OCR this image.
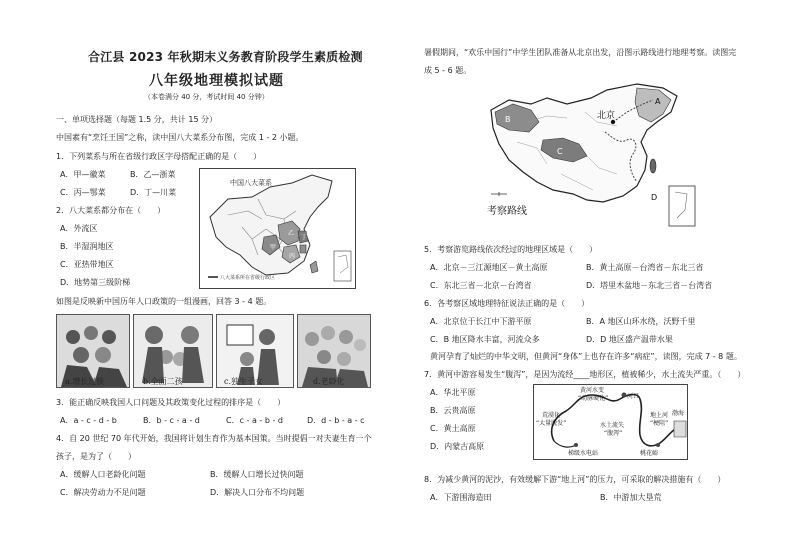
合江县 2023 年秋期末义务教育阶段学生素质检测
八年级地理模拟试题
（本卷满分 40 分，考试时间 40 分钟）
一、单项选择题（每题 1.5 分，共计 15 分）
中国素有“烹饪王国”之称，读中国八大菜系分布图，完成 1 - 2 小题。
1．下列菜系与所在省级行政区字母搭配正确的是（　　）
A．甲—徽菜	B．乙—浙菜
C．丙—鄂菜	D．丁—川菜
2．八大菜系都分布在（　　）
A．外流区
B．半湿润地区
C．亚热带地区
D．地势第三级阶梯
中国八大菜系
甲
乙
丙
丁
八大菜系所在省级行政区
如图是反映新中国历年人口政策的一组漫画，回答 3 - 4 题。
a.增长过快	b.全面二孩	c.独生子女	d.老龄化
3．能正确反映我国人口问题及其政策变化过程的排序是（　　）
A．a - c - d - b	B．b - c - a - d	C．c - a - b - d	D．d - b - a - c
4．自 20 世纪 70 年代开始，我国将计划生育作为基本国策。当时提倡一对夫妻生育一个
孩子，是为了（　　）
A．缓解人口老龄化问题	B．缓解人口增长过快问题
C．解决劳动力不足问题	D．解决人口分布不均问题
暑假期间，“欢乐中国行”中学生团队准备从北京出发，沿图示路线进行地理考察。读图完
成 5 - 6 题。
北京
B
A
C
D
考察路线
5．考察游览路线依次经过的地理区域是（　　）
A．北京－三江源地区－黄土高原	B．黄土高原－台湾省－东北三省
C．东北三省－北京－台湾省	D．塔里木盆地－东北三省－台湾省
6．各考察区域地理特征说法正确的是（　　）
A．北京位于长江中下游平原	B．A 地区山环水绕，沃野千里
C．B 地区降水丰富，河流众多	D．D 地区盛产温带水果
黄河孕育了灿烂的中华文明，但黄河“身体”上也存在许多“病症”，读图，完成 7 - 8 题。
7．黄河中游容易发生“腹泻”，是因为流经____地形区，植被稀少，水土流失严重。（　　）
A．华北平原
B．云贵高原
C．黄土高原
D．内蒙古高原
黄河水变
“动脉硬化”	河口
荒漠化
“大量脱发”	水土流失
“腹泻”
地上河
“梗阻”
渤海
桃花峪
梯级水电站
8．为减少黄河的泥沙，有效缓解下游“地上河”的压力，可采取的解决措施有（　　）
A．下游围海造田	B．中游加大垦荒
